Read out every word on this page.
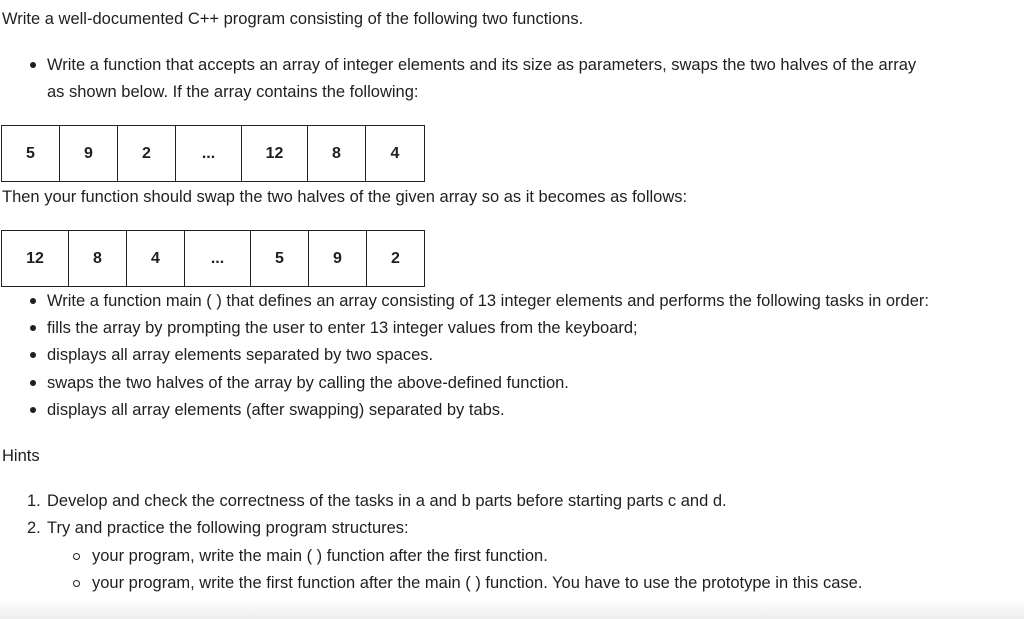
Write a well-documented C++ program consisting of the following two functions.
Write a function that accepts an array of integer elements and its size as parameters, swaps the two halves of the array
as shown below. If the array contains the following:
5	9	2	...	12	8	4
Then your function should swap the two halves of the given array so as it becomes as follows:
12	8	4	...	5	9	2
Write a function main ( ) that defines an array consisting of 13 integer elements and performs the following tasks in order:
fills the array by prompting the user to enter 13 integer values from the keyboard;
displays all array elements separated by two spaces.
swaps the two halves of the array by calling the above-defined function.
displays all array elements (after swapping) separated by tabs.
Hints
1. Develop and check the correctness of the tasks in a and b parts before starting parts c and d.
2. Try and practice the following program structures:
your program, write the main ( ) function after the first function.
your program, write the first function after the main ( ) function. You have to use the prototype in this case.
